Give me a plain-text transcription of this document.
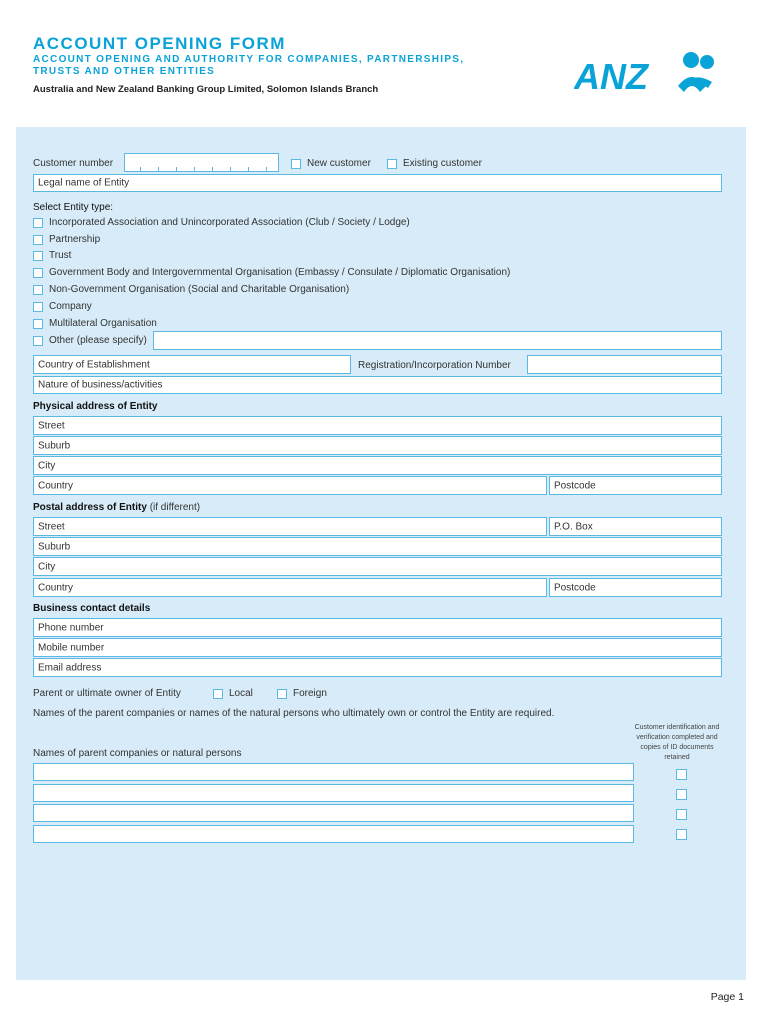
ACCOUNT OPENING FORM
ACCOUNT OPENING AND AUTHORITY FOR COMPANIES, PARTNERSHIPS, TRUSTS AND OTHER ENTITIES
Australia and New Zealand Banking Group Limited, Solomon Islands Branch	ANZ
Customer number	New customer	Existing customer
Legal name of Entity
Select Entity type:
Incorporated Association and Unincorporated Association (Club / Society / Lodge)
Partnership
Trust
Government Body and Intergovernmental Organisation (Embassy / Consulate / Diplomatic Organisation)
Non-Government Organisation (Social and Charitable Organisation)
Company
Multilateral Organisation
Other (please specify)
Country of Establishment	Registration/Incorporation Number
Nature of business/activities
Physical address of Entity
Street
Suburb
City
Country	Postcode
Postal address of Entity (if different)
Street	P.O. Box
Suburb
City
Country	Postcode
Business contact details
Phone number
Mobile number
Email address
Parent or ultimate owner of Entity	Local	Foreign
Names of the parent companies or names of the natural persons who ultimately own or control the Entity are required.
Customer identification and verification completed and copies of ID documents retained
Names of parent companies or natural persons
Page 1
